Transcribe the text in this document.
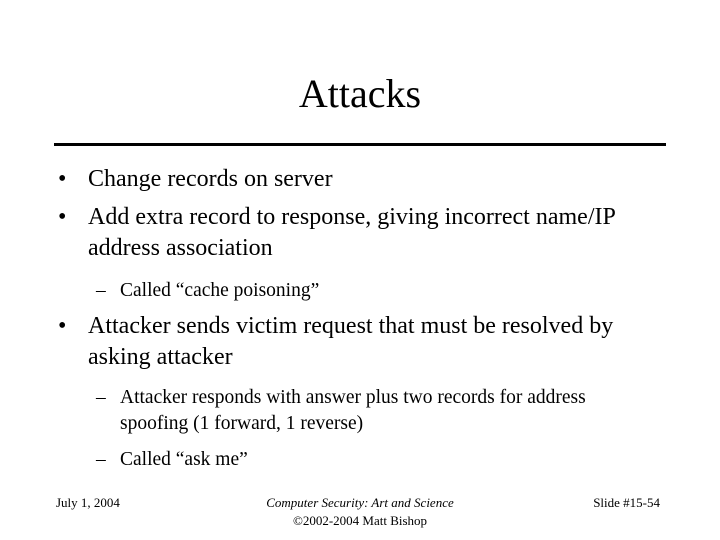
Attacks
• Change records on server
• Add extra record to response, giving incorrect name/IP address association
– Called “cache poisoning”
• Attacker sends victim request that must be resolved by asking attacker
– Attacker responds with answer plus two records for address spoofing (1 forward, 1 reverse)
– Called “ask me”
July 1, 2004	Computer Security: Art and Science
©2002-2004 Matt Bishop
Slide #15-54
